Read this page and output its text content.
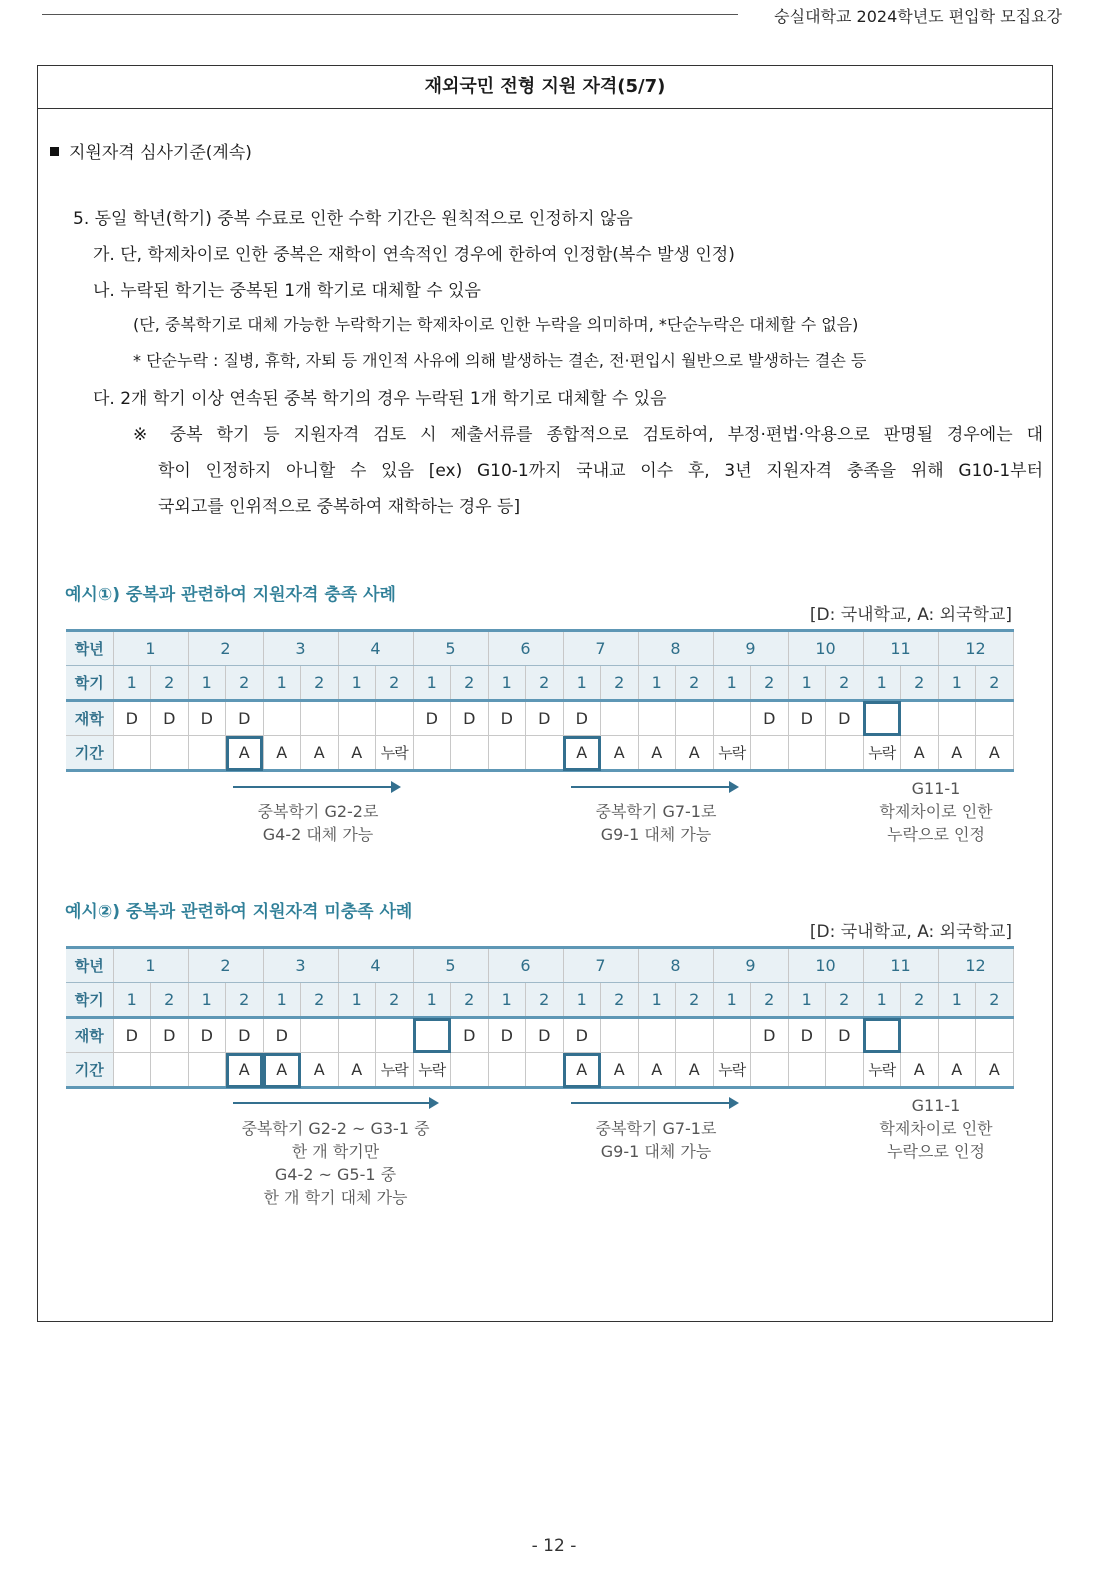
숭실대학교 2024학년도 편입학 모집요강
재외국민 전형 지원 자격(5/7)
지원자격 심사기준(계속)
5. 동일 학년(학기) 중복 수료로 인한 수학 기간은 원칙적으로 인정하지 않음
가. 단, 학제차이로 인한 중복은 재학이 연속적인 경우에 한하여 인정함(복수 발생 인정)
나. 누락된 학기는 중복된 1개 학기로 대체할 수 있음
(단, 중복학기로 대체 가능한 누락학기는 학제차이로 인한 누락을 의미하며, *단순누락은 대체할 수 없음)
* 단순누락 : 질병, 휴학, 자퇴 등 개인적 사유에 의해 발생하는 결손, 전·편입시 월반으로 발생하는 결손 등
다. 2개 학기 이상 연속된 중복 학기의 경우 누락된 1개 학기로 대체할 수 있음
※ 중복 학기 등 지원자격 검토 시 제출서류를 종합적으로 검토하여, 부정·편법·악용으로 판명될 경우에는 대
학이 인정하지 아니할 수 있음 [ex) G10-1까지 국내교 이수 후, 3년 지원자격 충족을 위해 G10-1부터
국외고를 인위적으로 중복하여 재학하는 경우 등]
예시①) 중복과 관련하여 지원자격 충족 사례
[D: 국내학교, A: 외국학교]
학년	1		2		3		4		5		6		7		8		9		10		11		12	
학기	1	2	1	2	1	2	1	2	1	2	1	2	1	2	1	2	1	2	1	2	1	2	1	2
재학	D	D	D	D					D	D	D	D	D					D	D	D				
기간				A	A	A	A	누락					A	A	A	A	누락				누락	A	A	A
중복학기 G2-2로
G4-2 대체 가능
중복학기 G7-1로
G9-1 대체 가능
G11-1
학제차이로 인한
누락으로 인정
예시②) 중복과 관련하여 지원자격 미충족 사례
[D: 국내학교, A: 외국학교]
학년	1		2		3		4		5		6		7		8		9		10		11		12	
학기	1	2	1	2	1	2	1	2	1	2	1	2	1	2	1	2	1	2	1	2	1	2	1	2
재학	D	D	D	D	D					D	D	D	D					D	D	D				
기간				A	A	A	A	누락	누락				A	A	A	A	누락				누락	A	A	A
중복학기 G2-2 ~ G3-1 중
한 개 학기만
G4-2 ~ G5-1 중
한 개 학기 대체 가능
중복학기 G7-1로
G9-1 대체 가능
G11-1
학제차이로 인한
누락으로 인정
- 12 -
